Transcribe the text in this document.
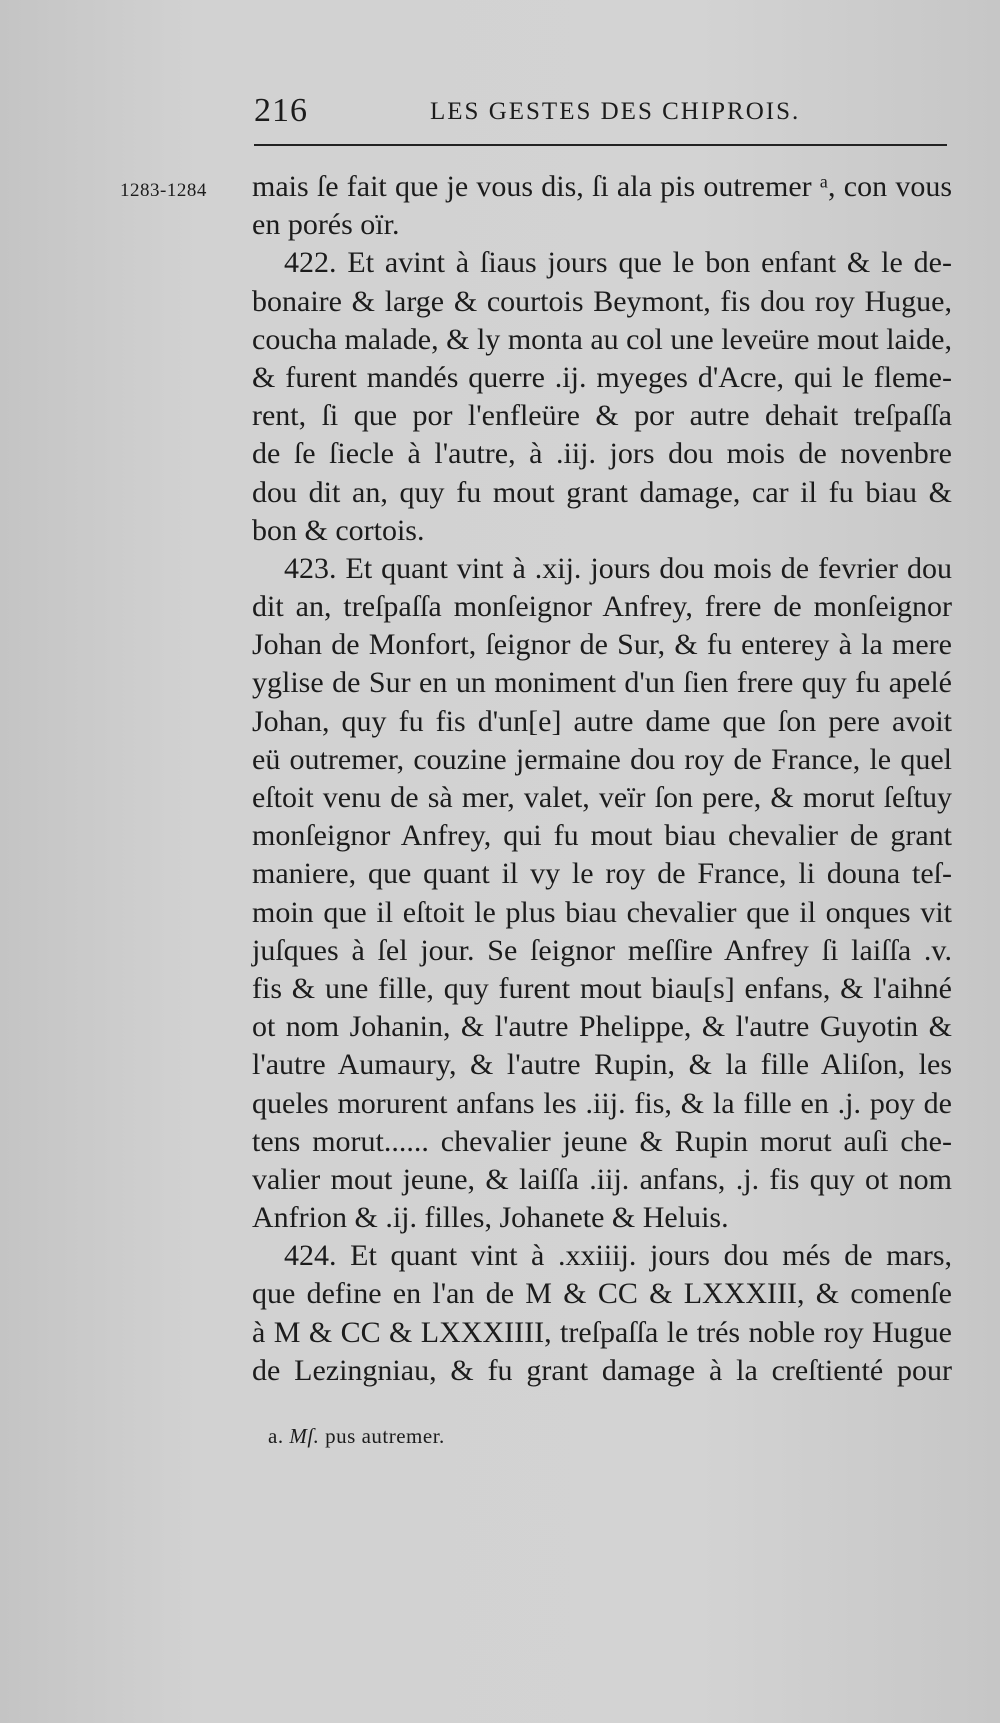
216	LES GESTES DES CHIPROIS.
1283-1284 mais ſe fait que je vous dis, ſi ala pis outremer ᵃ, con vous
en porés oïr.
422. Et avint à ſiaus jours que le bon enfant & le de-
bonaire & large & courtois Beymont, fis dou roy Hugue,
coucha malade, & ly monta au col une leveüre mout laide,
& furent mandés querre .ij. myeges d'Acre, qui le fleme-
rent, ſi que por l'enfleüre & por autre dehait treſpaſſa
de ſe ſiecle à l'autre, à .iij. jors dou mois de novenbre
dou dit an, quy fu mout grant damage, car il fu biau &
bon & cortois.
423. Et quant vint à .xij. jours dou mois de fevrier dou
dit an, treſpaſſa monſeignor Anfrey, frere de monſeignor
Johan de Monfort, ſeignor de Sur, & fu enterey à la mere
yglise de Sur en un moniment d'un ſien frere quy fu apelé
Johan, quy fu fis d'un[e] autre dame que ſon pere avoit
eü outremer, couzine jermaine dou roy de France, le quel
eſtoit venu de sà mer, valet, veïr ſon pere, & morut ſeſtuy
monſeignor Anfrey, qui fu mout biau chevalier de grant
maniere, que quant il vy le roy de France, li douna teſ-
moin que il eſtoit le plus biau chevalier que il onques vit
juſques à ſel jour. Se ſeignor meſſire Anfrey ſi laiſſa .v.
fis & une fille, quy furent mout biau[s] enfans, & l'aihné
ot nom Johanin, & l'autre Phelippe, & l'autre Guyotin &
l'autre Aumaury, & l'autre Rupin, & la fille Aliſon, les
queles morurent anfans les .iij. fis, & la fille en .j. poy de
tens morut...... chevalier jeune & Rupin morut auſi che-
valier mout jeune, & laiſſa .iij. anfans, .j. fis quy ot nom
Anfrion & .ij. filles, Johanete & Heluis.
424. Et quant vint à .xxiiij. jours dou més de mars,
que define en l'an de M & CC & LXXXIII, & comenſe
à M & CC & LXXXIIII, treſpaſſa le trés noble roy Hugue
de Lezingniau, & fu grant damage à la creſtienté pour
a. Mſ. pus autremer.
